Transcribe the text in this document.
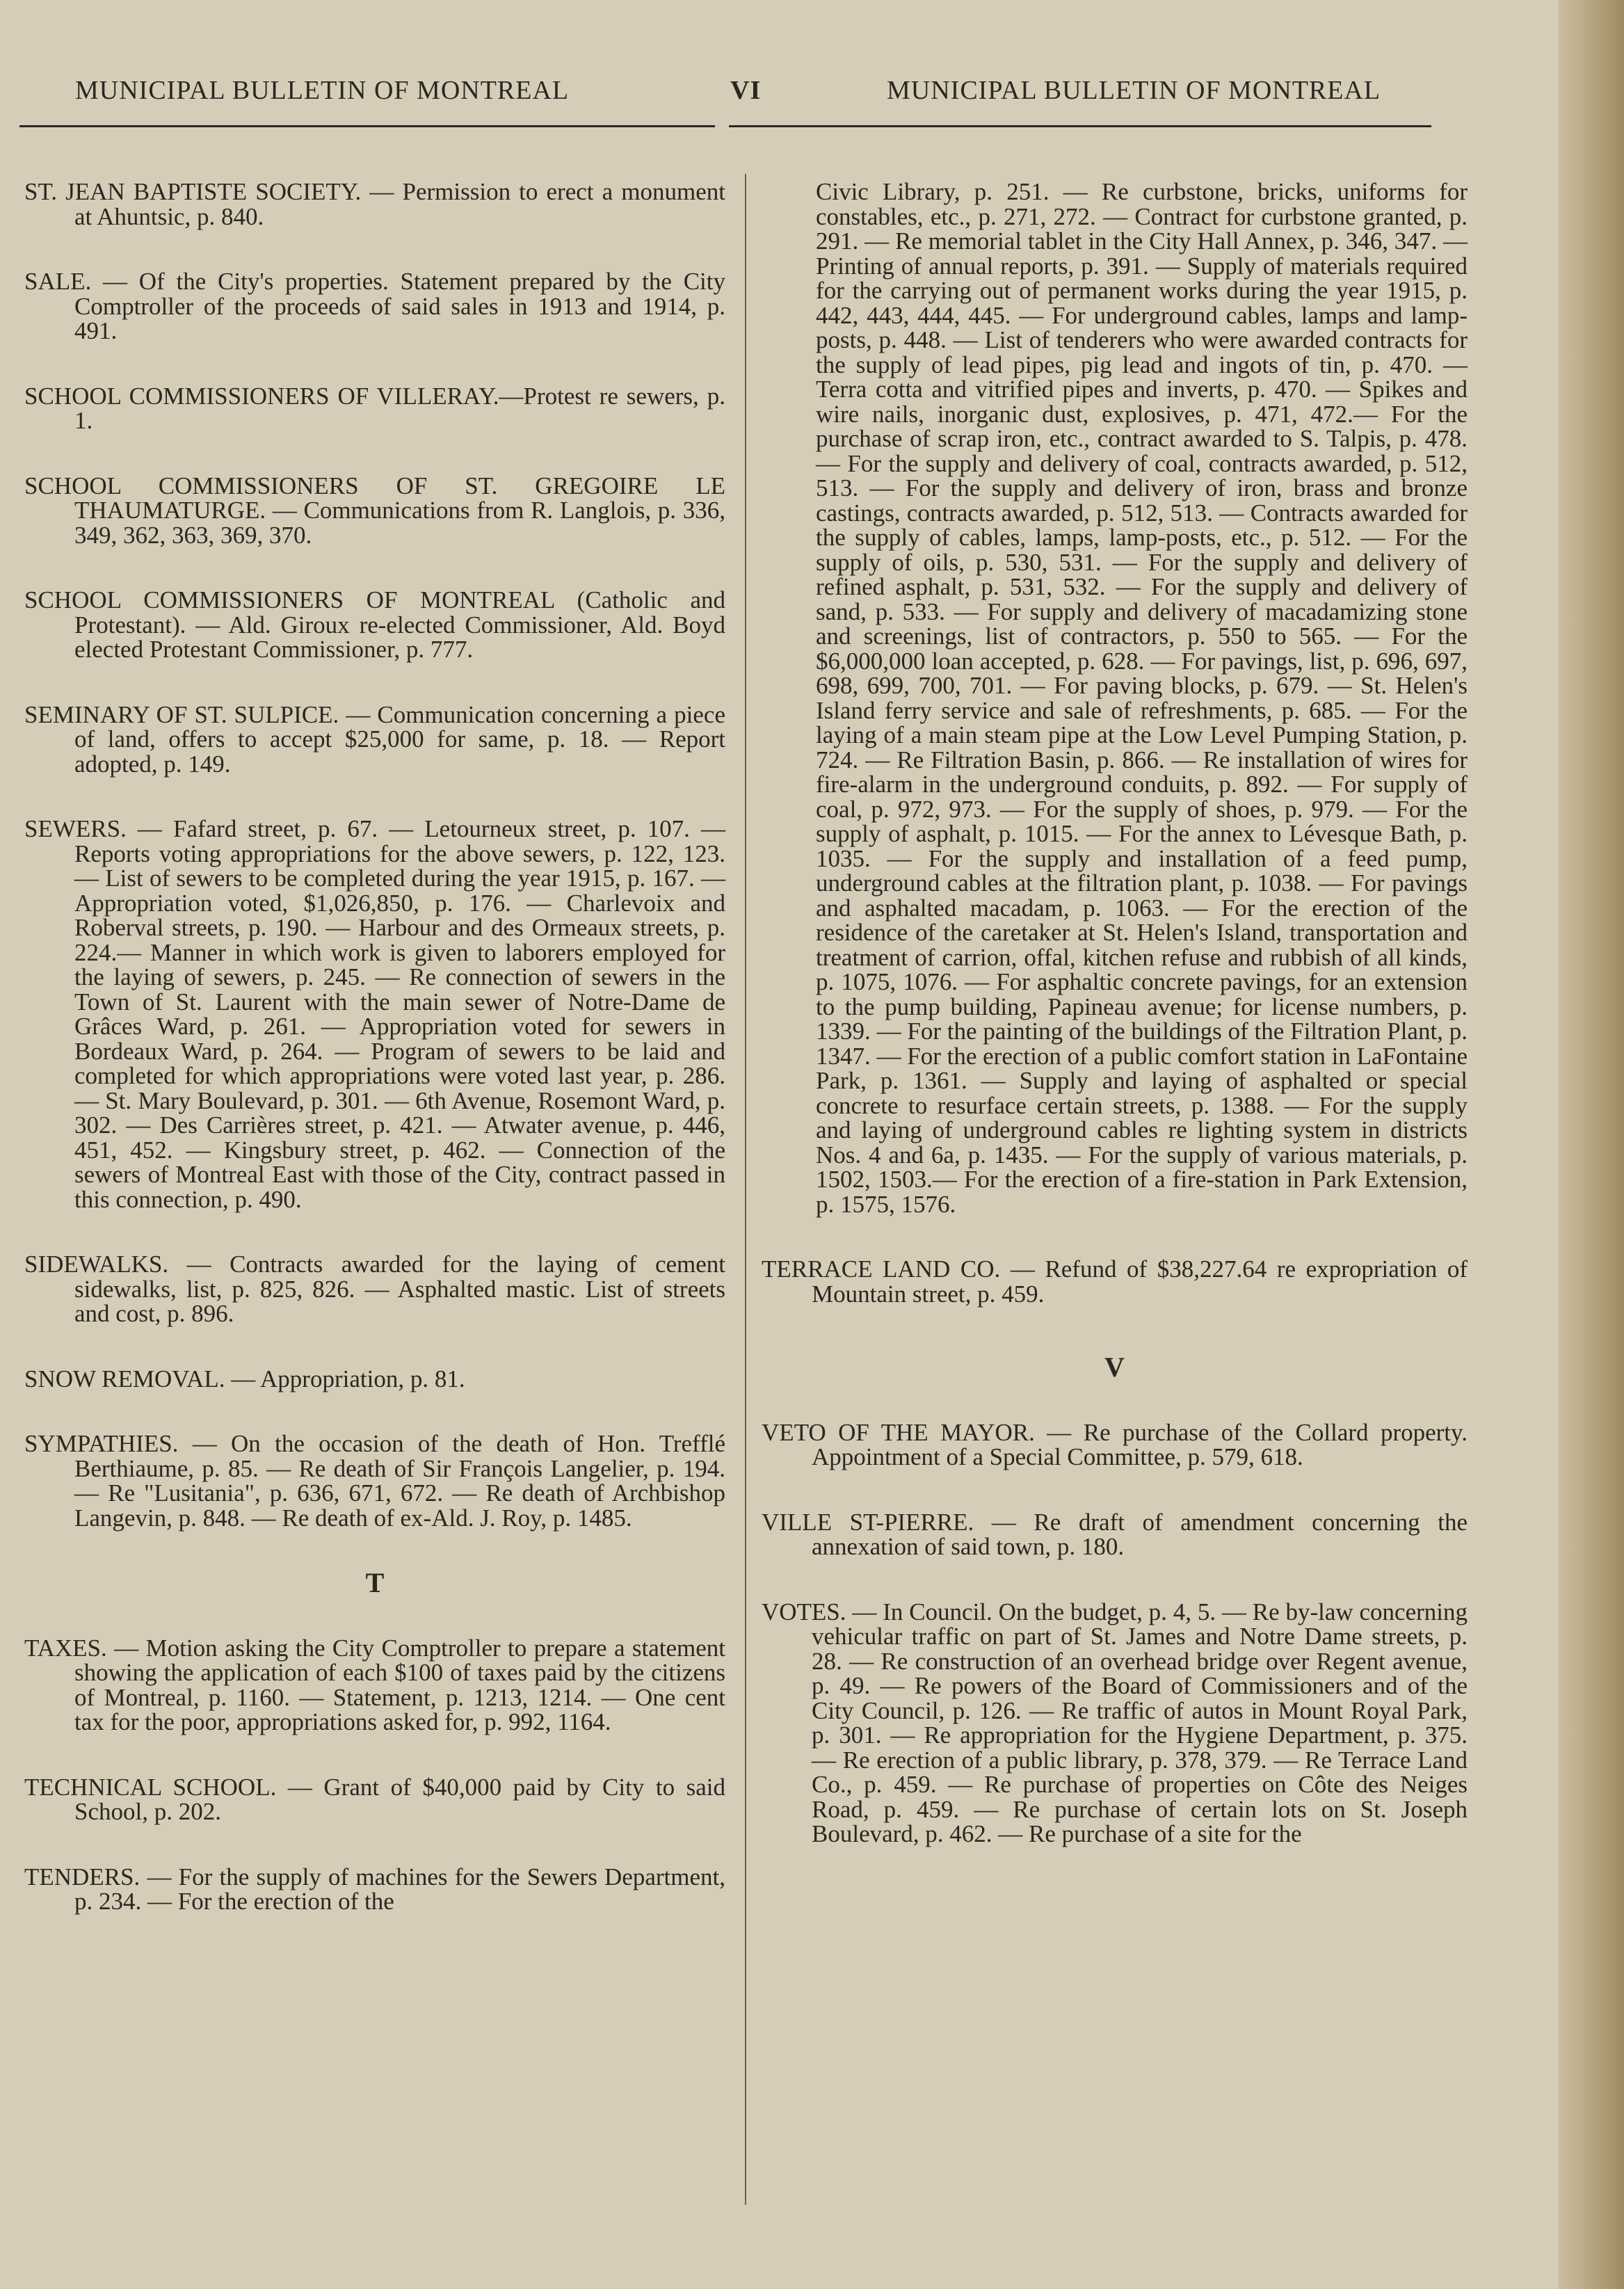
MUNICIPAL BULLETIN OF MONTREAL	VI	MUNICIPAL BULLETIN OF MONTREAL
ST. JEAN BAPTISTE SOCIETY. — Permission to erect a monument at Ahuntsic, p. 840.
SALE. — Of the City's properties. Statement prepared by the City Comptroller of the proceeds of said sales in 1913 and 1914, p. 491.
SCHOOL COMMISSIONERS OF VILLERAY.—Protest re sewers, p. 1.
SCHOOL COMMISSIONERS OF ST. GREGOIRE LE THAUMATURGE. — Communications from R. Langlois, p. 336, 349, 362, 363, 369, 370.
SCHOOL COMMISSIONERS OF MONTREAL (Catholic and Protestant). — Ald. Giroux re-elected Commissioner, Ald. Boyd elected Protestant Commissioner, p. 777.
SEMINARY OF ST. SULPICE. — Communication concerning a piece of land, offers to accept $25,000 for same, p. 18. — Report adopted, p. 149.
SEWERS. — Fafard street, p. 67. — Letourneux street, p. 107. — Reports voting appropriations for the above sewers, p. 122, 123. — List of sewers to be completed during the year 1915, p. 167. — Appropriation voted, $1,026,850, p. 176. — Charlevoix and Roberval streets, p. 190. — Harbour and des Ormeaux streets, p. 224.— Manner in which work is given to laborers employed for the laying of sewers, p. 245. — Re connection of sewers in the Town of St. Laurent with the main sewer of Notre-Dame de Grâces Ward, p. 261. — Appropriation voted for sewers in Bordeaux Ward, p. 264. — Program of sewers to be laid and completed for which appropriations were voted last year, p. 286. — St. Mary Boulevard, p. 301. — 6th Avenue, Rosemont Ward, p. 302. — Des Carrières street, p. 421. — Atwater avenue, p. 446, 451, 452. — Kingsbury street, p. 462. — Connection of the sewers of Montreal East with those of the City, contract passed in this connection, p. 490.
SIDEWALKS. — Contracts awarded for the laying of cement sidewalks, list, p. 825, 826. — Asphalted mastic. List of streets and cost, p. 896.
SNOW REMOVAL. — Appropriation, p. 81.
SYMPATHIES. — On the occasion of the death of Hon. Trefflé Berthiaume, p. 85. — Re death of Sir François Langelier, p. 194. — Re "Lusitania", p. 636, 671, 672. — Re death of Archbishop Langevin, p. 848. — Re death of ex-Ald. J. Roy, p. 1485.
T
TAXES. — Motion asking the City Comptroller to prepare a statement showing the application of each $100 of taxes paid by the citizens of Montreal, p. 1160. — Statement, p. 1213, 1214. — One cent tax for the poor, appropriations asked for, p. 992, 1164.
TECHNICAL SCHOOL. — Grant of $40,000 paid by City to said School, p. 202.
TENDERS. — For the supply of machines for the Sewers Department, p. 234. — For the erection of the
Civic Library, p. 251. — Re curbstone, bricks, uniforms for constables, etc., p. 271, 272. — Contract for curbstone granted, p. 291. — Re memorial tablet in the City Hall Annex, p. 346, 347. — Printing of annual reports, p. 391. — Supply of materials required for the carrying out of permanent works during the year 1915, p. 442, 443, 444, 445. — For underground cables, lamps and lamp-posts, p. 448. — List of tenderers who were awarded contracts for the supply of lead pipes, pig lead and ingots of tin, p. 470. — Terra cotta and vitrified pipes and inverts, p. 470. — Spikes and wire nails, inorganic dust, explosives, p. 471, 472.— For the purchase of scrap iron, etc., contract awarded to S. Talpis, p. 478. — For the supply and delivery of coal, contracts awarded, p. 512, 513. — For the supply and delivery of iron, brass and bronze castings, contracts awarded, p. 512, 513. — Contracts awarded for the supply of cables, lamps, lamp-posts, etc., p. 512. — For the supply of oils, p. 530, 531. — For the supply and delivery of refined asphalt, p. 531, 532. — For the supply and delivery of sand, p. 533. — For supply and delivery of macadamizing stone and screenings, list of contractors, p. 550 to 565. — For the $6,000,000 loan accepted, p. 628. — For pavings, list, p. 696, 697, 698, 699, 700, 701. — For paving blocks, p. 679. — St. Helen's Island ferry service and sale of refreshments, p. 685. — For the laying of a main steam pipe at the Low Level Pumping Station, p. 724. — Re Filtration Basin, p. 866. — Re installation of wires for fire-alarm in the underground conduits, p. 892. — For supply of coal, p. 972, 973. — For the supply of shoes, p. 979. — For the supply of asphalt, p. 1015. — For the annex to Lévesque Bath, p. 1035. — For the supply and installation of a feed pump, underground cables at the filtration plant, p. 1038. — For pavings and asphalted macadam, p. 1063. — For the erection of the residence of the caretaker at St. Helen's Island, transportation and treatment of carrion, offal, kitchen refuse and rubbish of all kinds, p. 1075, 1076. — For asphaltic concrete pavings, for an extension to the pump building, Papineau avenue; for license numbers, p. 1339. — For the painting of the buildings of the Filtration Plant, p. 1347. — For the erection of a public comfort station in LaFontaine Park, p. 1361. — Supply and laying of asphalted or special concrete to resurface certain streets, p. 1388. — For the supply and laying of underground cables re lighting system in districts Nos. 4 and 6a, p. 1435. — For the supply of various materials, p. 1502, 1503.— For the erection of a fire-station in Park Extension, p. 1575, 1576.
TERRACE LAND CO. — Refund of $38,227.64 re expropriation of Mountain street, p. 459.
V
VETO OF THE MAYOR. — Re purchase of the Collard property. Appointment of a Special Committee, p. 579, 618.
VILLE ST-PIERRE. — Re draft of amendment concerning the annexation of said town, p. 180.
VOTES. — In Council. On the budget, p. 4, 5. — Re by-law concerning vehicular traffic on part of St. James and Notre Dame streets, p. 28. — Re construction of an overhead bridge over Regent avenue, p. 49. — Re powers of the Board of Commissioners and of the City Council, p. 126. — Re traffic of autos in Mount Royal Park, p. 301. — Re appropriation for the Hygiene Department, p. 375. — Re erection of a public library, p. 378, 379. — Re Terrace Land Co., p. 459. — Re purchase of properties on Côte des Neiges Road, p. 459. — Re purchase of certain lots on St. Joseph Boulevard, p. 462. — Re purchase of a site for the
